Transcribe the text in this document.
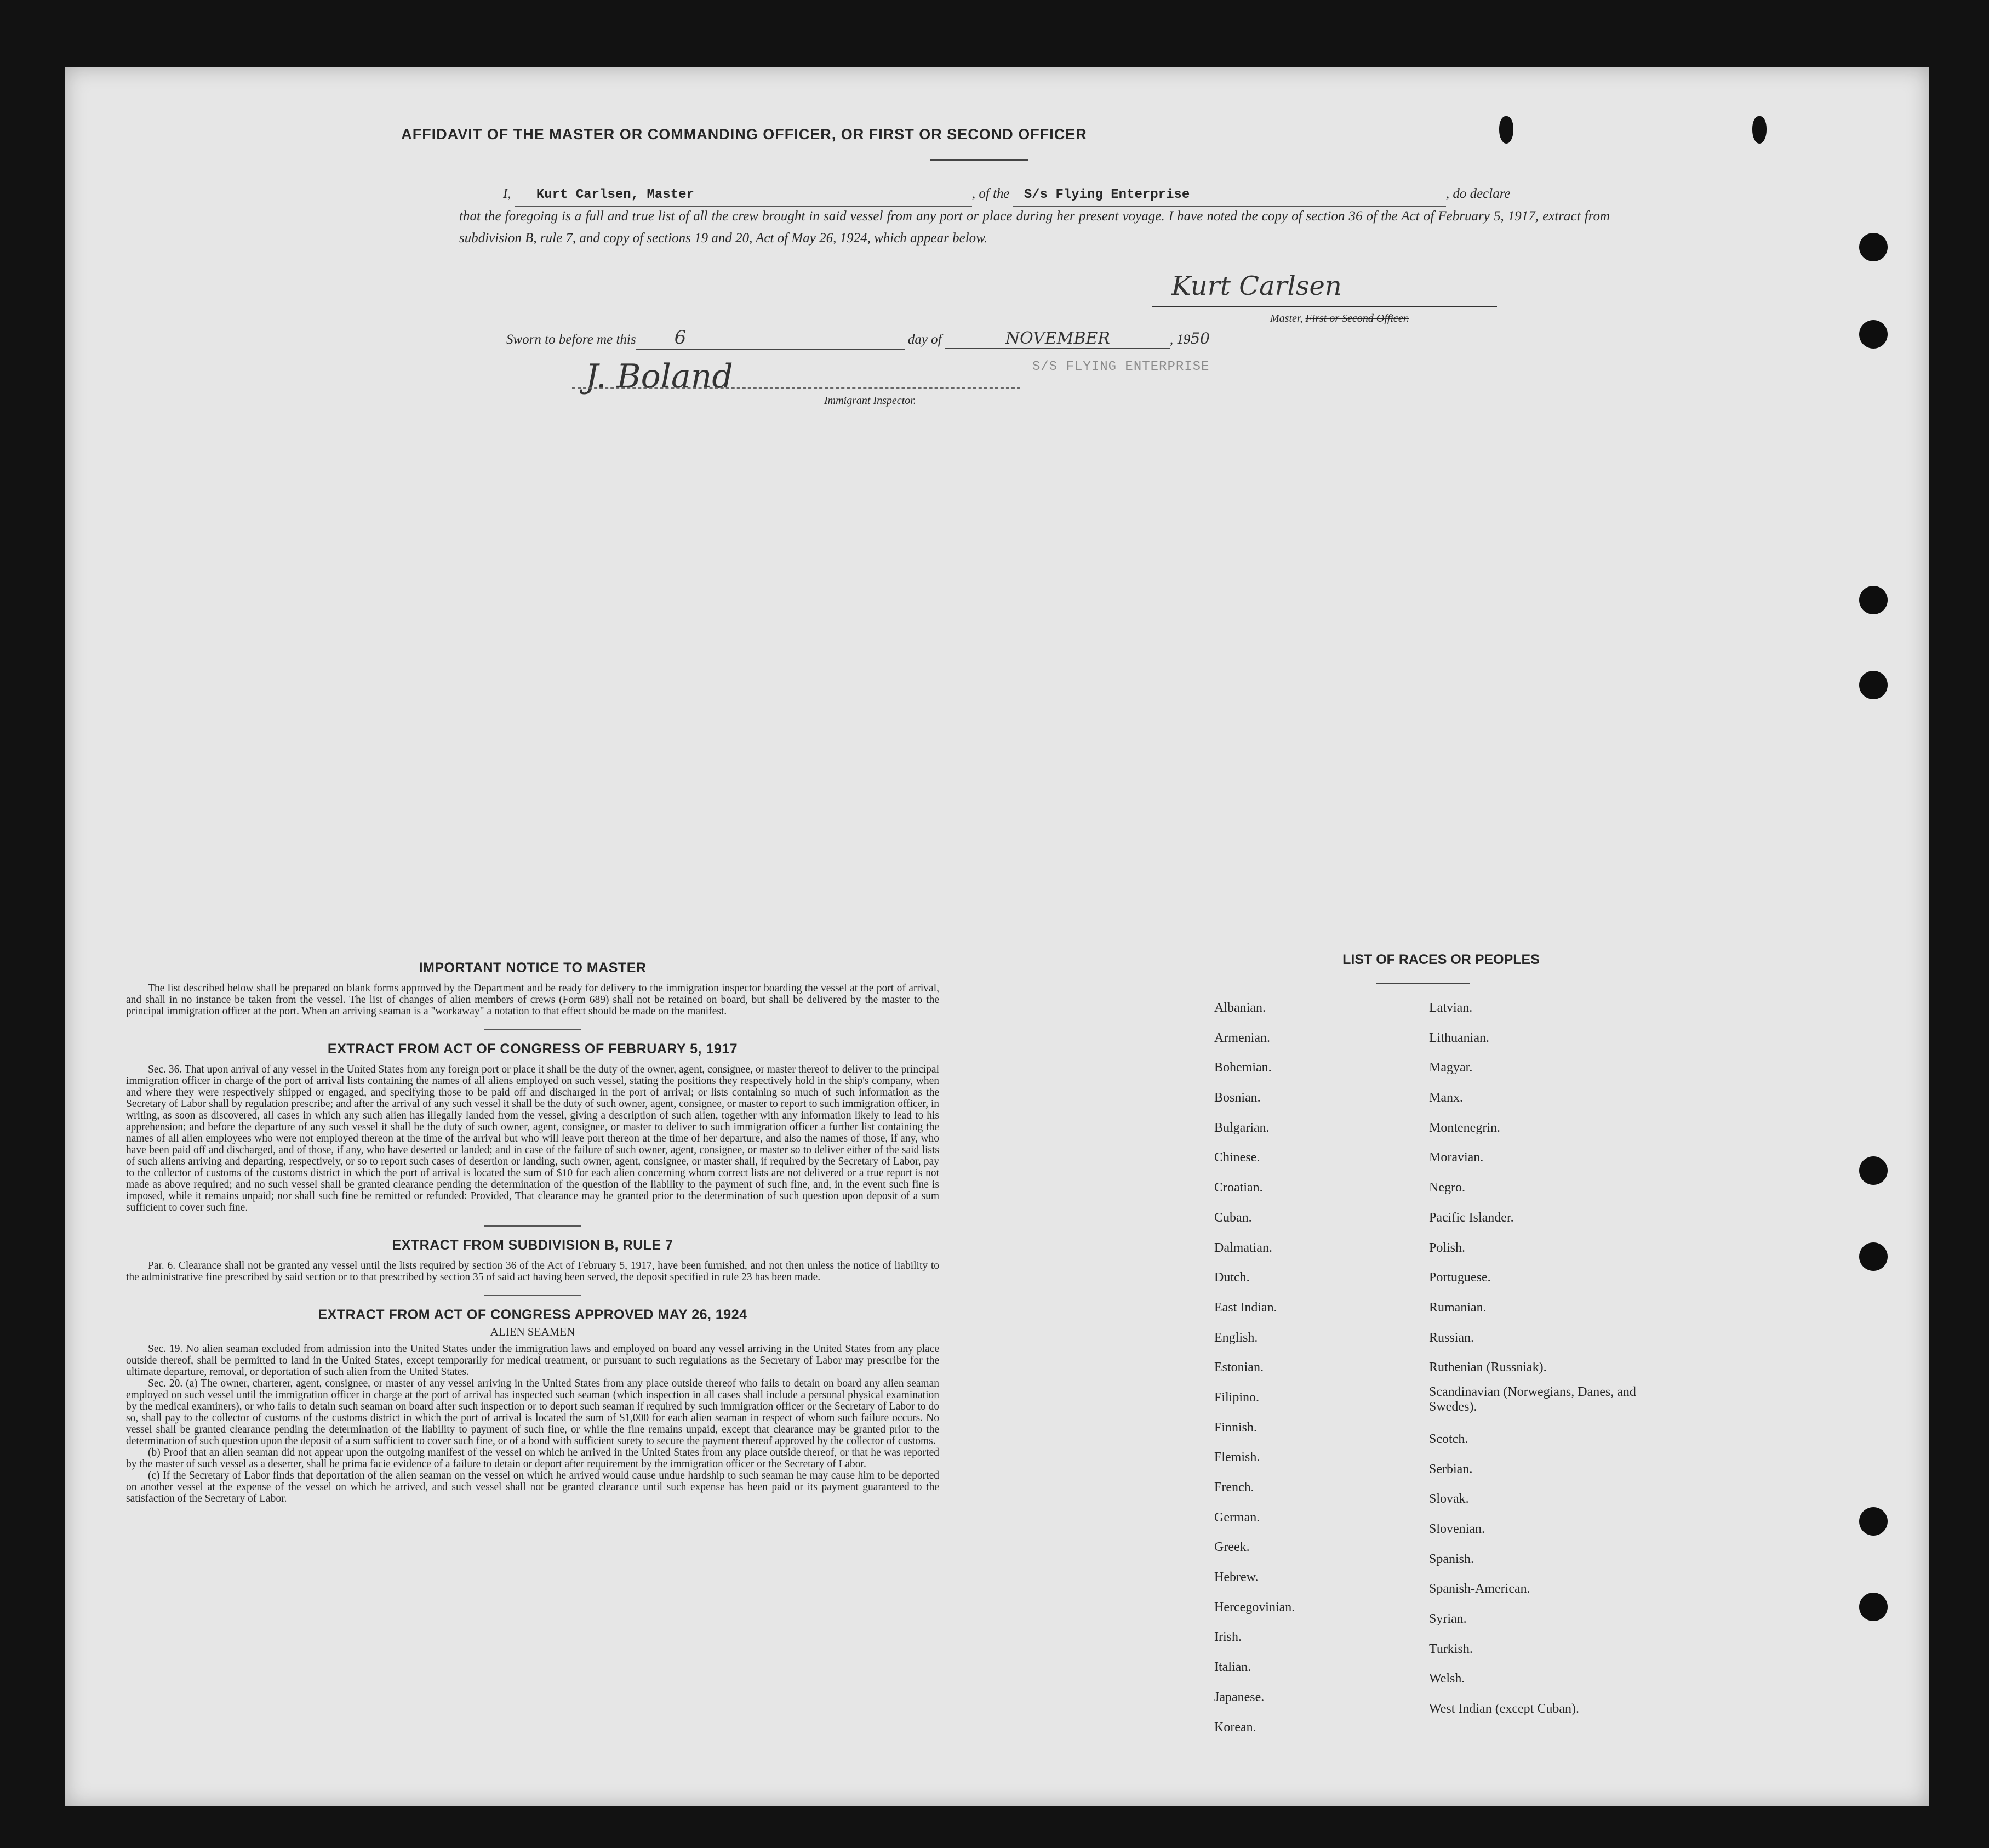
AFFIDAVIT OF THE MASTER OR COMMANDING OFFICER, OR FIRST OR SECOND OFFICER
I, Kurt Carlsen, Master	, of the S/s Flying Enterprise	, do declare
that the foregoing is a full and true list of all the crew brought in said vessel from any port or place during her present voyage. I have noted the copy of section 36 of the Act of February 5, 1917, extract from subdivision B, rule 7, and copy of sections 19 and 20, Act of May 26, 1924, which appear below.
Kurt Carlsen
Master, First or Second Officer.
Sworn to before me this 6	day of	NOVEMBER	, 1950
S/S FLYING ENTERPRISE
J. Boland
Immigrant Inspector.
IMPORTANT NOTICE TO MASTER

The list described below shall be prepared on blank forms approved by the Department and be ready for delivery to the immigration inspector boarding the vessel at the port of arrival, and shall in no instance be taken from the vessel. The list of changes of alien members of crews (Form 689) shall not be retained on board, but shall be delivered by the master to the principal immigration officer at the port. When an arriving seaman is a "workaway" a notation to that effect should be made on the manifest.

EXTRACT FROM ACT OF CONGRESS OF FEBRUARY 5, 1917

Sec. 36. That upon arrival of any vessel in the United States from any foreign port or place it shall be the duty of the owner, agent, consignee, or master thereof to deliver to the principal immigration officer in charge of the port of arrival lists containing the names of all aliens employed on such vessel, stating the positions they respectively hold in the ship's company, when and where they were respectively shipped or engaged, and specifying those to be paid off and discharged in the port of arrival; or lists containing so much of such information as the Secretary of Labor shall by regulation prescribe; and after the arrival of any such vessel it shall be the duty of such owner, agent, consignee, or master to report to such immigration officer, in writing, as soon as discovered, all cases in which any such alien has illegally landed from the vessel, giving a description of such alien, together with any information likely to lead to his apprehension; and before the departure of any such vessel it shall be the duty of such owner, agent, consignee, or master to deliver to such immigration officer a further list containing the names of all alien employees who were not employed thereon at the time of the arrival but who will leave port thereon at the time of her departure, and also the names of those, if any, who have been paid off and discharged, and of those, if any, who have deserted or landed; and in case of the failure of such owner, agent, consignee, or master so to deliver either of the said lists of such aliens arriving and departing, respectively, or so to report such cases of desertion or landing, such owner, agent, consignee, or master shall, if required by the Secretary of Labor, pay to the collector of customs of the customs district in which the port of arrival is located the sum of $10 for each alien concerning whom correct lists are not delivered or a true report is not made as above required; and no such vessel shall be granted clearance pending the determination of the question of the liability to the payment of such fine, and, in the event such fine is imposed, while it remains unpaid; nor shall such fine be remitted or refunded: Provided, That clearance may be granted prior to the determination of such question upon deposit of a sum sufficient to cover such fine.

EXTRACT FROM SUBDIVISION B, RULE 7

Par. 6. Clearance shall not be granted any vessel until the lists required by section 36 of the Act of February 5, 1917, have been furnished, and not then unless the notice of liability to the administrative fine prescribed by said section or to that prescribed by section 35 of said act having been served, the deposit specified in rule 23 has been made.

EXTRACT FROM ACT OF CONGRESS APPROVED MAY 26, 1924
ALIEN SEAMEN

Sec. 19. No alien seaman excluded from admission into the United States under the immigration laws and employed on board any vessel arriving in the United States from any place outside thereof, shall be permitted to land in the United States, except temporarily for medical treatment, or pursuant to such regulations as the Secretary of Labor may prescribe for the ultimate departure, removal, or deportation of such alien from the United States.

Sec. 20. (a) The owner, charterer, agent, consignee, or master of any vessel arriving in the United States from any place outside thereof who fails to detain on board any alien seaman employed on such vessel until the immigration officer in charge at the port of arrival has inspected such seaman (which inspection in all cases shall include a personal physical examination by the medical examiners), or who fails to detain such seaman on board after such inspection or to deport such seaman if required by such immigration officer or the Secretary of Labor to do so, shall pay to the collector of customs of the customs district in which the port of arrival is located the sum of $1,000 for each alien seaman in respect of whom such failure occurs. No vessel shall be granted clearance pending the determination of the liability to payment of such fine, or while the fine remains unpaid, except that clearance may be granted prior to the determination of such question upon the deposit of a sum sufficient to cover such fine, or of a bond with sufficient surety to secure the payment thereof approved by the collector of customs.

(b) Proof that an alien seaman did not appear upon the outgoing manifest of the vessel on which he arrived in the United States from any place outside thereof, or that he was reported by the master of such vessel as a deserter, shall be prima facie evidence of a failure to detain or deport after requirement by the immigration officer or the Secretary of Labor.

(c) If the Secretary of Labor finds that deportation of the alien seaman on the vessel on which he arrived would cause undue hardship to such seaman he may cause him to be deported on another vessel at the expense of the vessel on which he arrived, and such vessel shall not be granted clearance until such expense has been paid or its payment guaranteed to the satisfaction of the Secretary of Labor.

LIST OF RACES OR PEOPLES
Albanian.
Armenian.
Bohemian.
Bosnian.
Bulgarian.
Chinese.
Croatian.
Cuban.
Dalmatian.
Dutch.
East Indian.
English.
Estonian.
Filipino.
Finnish.
Flemish.
French.
German.
Greek.
Hebrew.
Hercegovinian.
Irish.
Italian.
Japanese.
Korean.
Latvian.
Lithuanian.
Magyar.
Manx.
Montenegrin.
Moravian.
Negro.
Pacific Islander.
Polish.
Portuguese.
Rumanian.
Russian.
Ruthenian (Russniak).
Scandinavian (Norwegians, Danes, and Swedes).
Scotch.
Serbian.
Slovak.
Slovenian.
Spanish.
Spanish-American.
Syrian.
Turkish.
Welsh.
West Indian (except Cuban).
